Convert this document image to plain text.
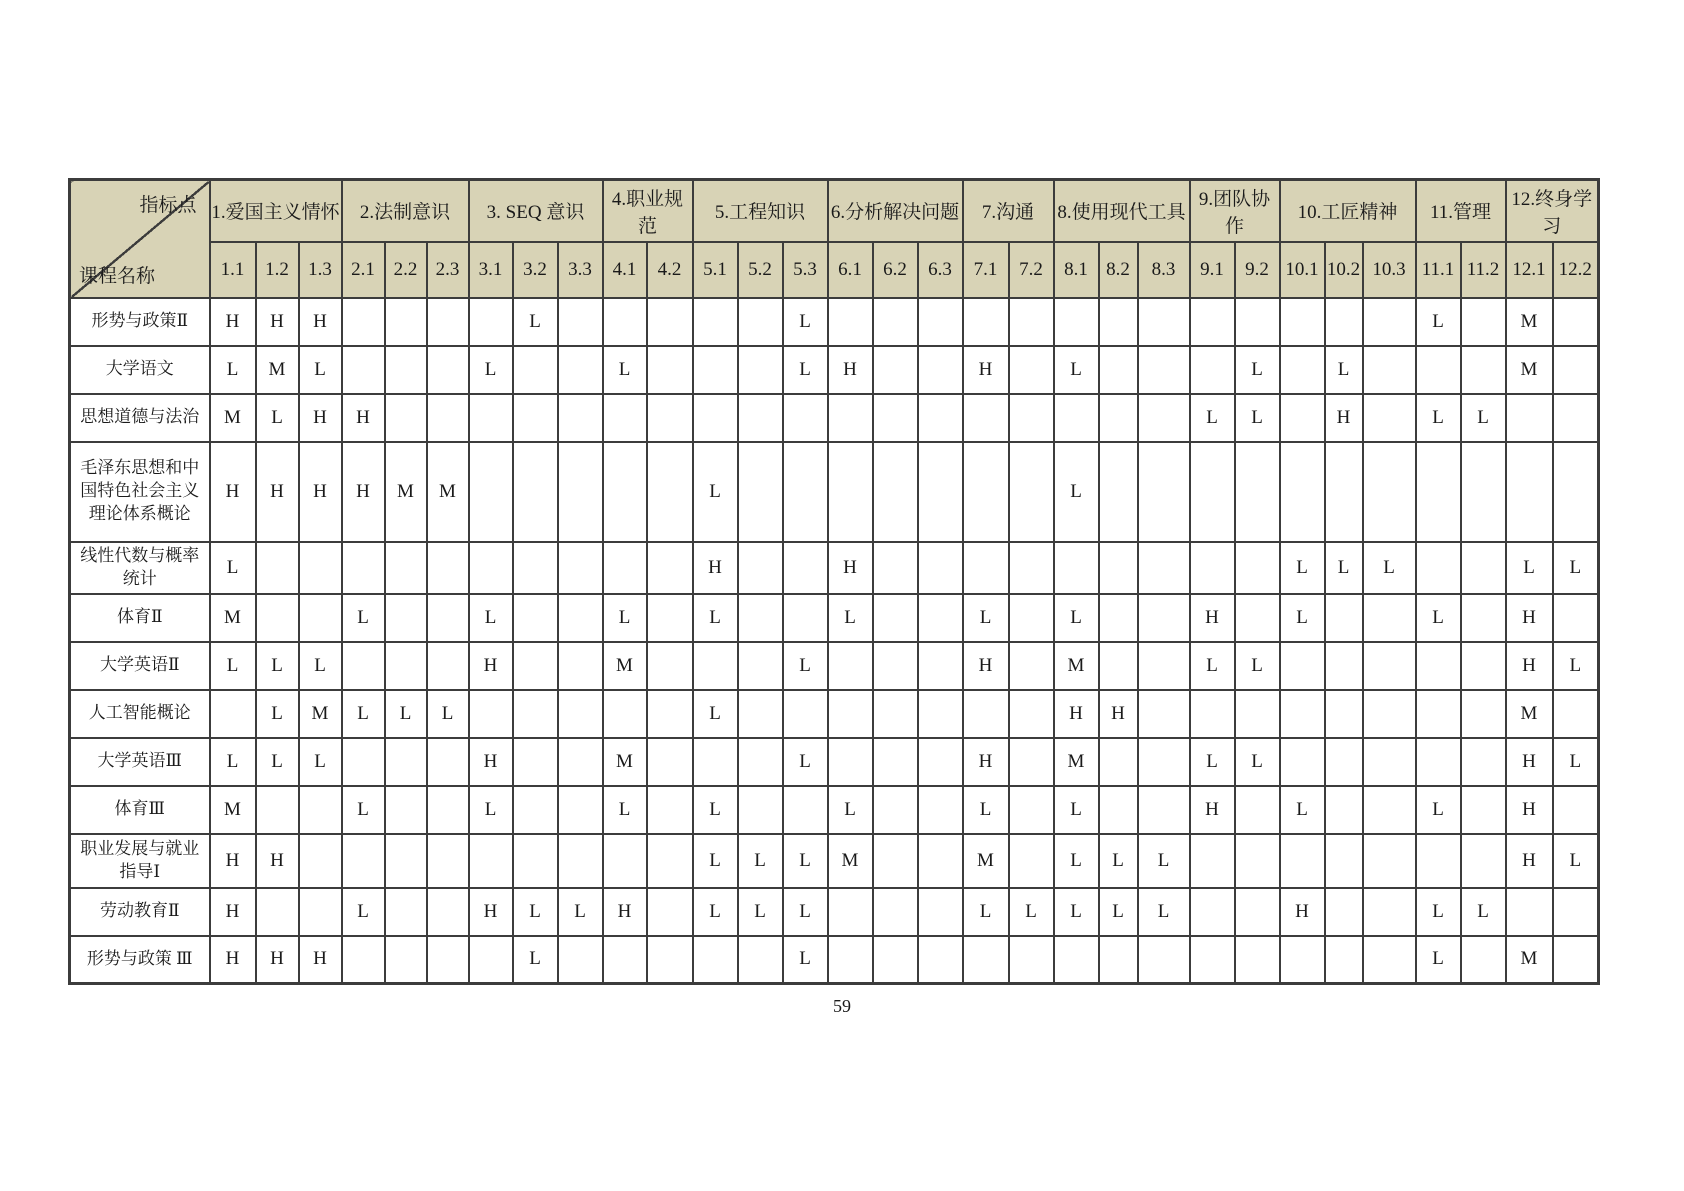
指标点
课程名称	1.爱国主义情怀			2.法制意识			3. SEQ 意识			4.职业规范		5.工程知识			6.分析解决问题			7.沟通		8.使用现代工具			9.团队协作		10.工匠精神			11.管理		12.终身学习	
	1.1	1.2	1.3	2.1	2.2	2.3	3.1	3.2	3.3	4.1	4.2	5.1	5.2	5.3	6.1	6.2	6.3	7.1	7.2	8.1	8.2	8.3	9.1	9.2	10.1	10.2	10.3	11.1	11.2	12.1	12.2
形势与政策Ⅱ	H	H	H					L						L														L		M	
大学语文	L	M	L				L			L				L	H			H		L				L		L				M	
思想道德与法治	M	L	H	H																			L	L		H		L	L		
毛泽东思想和中国特色社会主义理论体系概论	H	H	H	H	M	M						L								L											
线性代数与概率统计	L											H			H										L	L	L			L	L
体育Ⅱ	M			L			L			L		L			L			L		L			H		L			L		H	
大学英语Ⅱ	L	L	L				H			M				L				H		M			L	L						H	L
人工智能概论		L	M	L	L	L						L								H	H									M	
大学英语Ⅲ	L	L	L				H			M				L				H		M			L	L						H	L
体育Ⅲ	M			L			L			L		L			L			L		L			H		L			L		H	
职业发展与就业指导Ⅰ	H	H										L	L	L	M			M		L	L	L								H	L
劳动教育Ⅱ	H			L			H	L	L	H		L	L	L				L	L	L	L	L			H			L	L		
形势与政策 Ⅲ	H	H	H					L						L														L		M	
59
